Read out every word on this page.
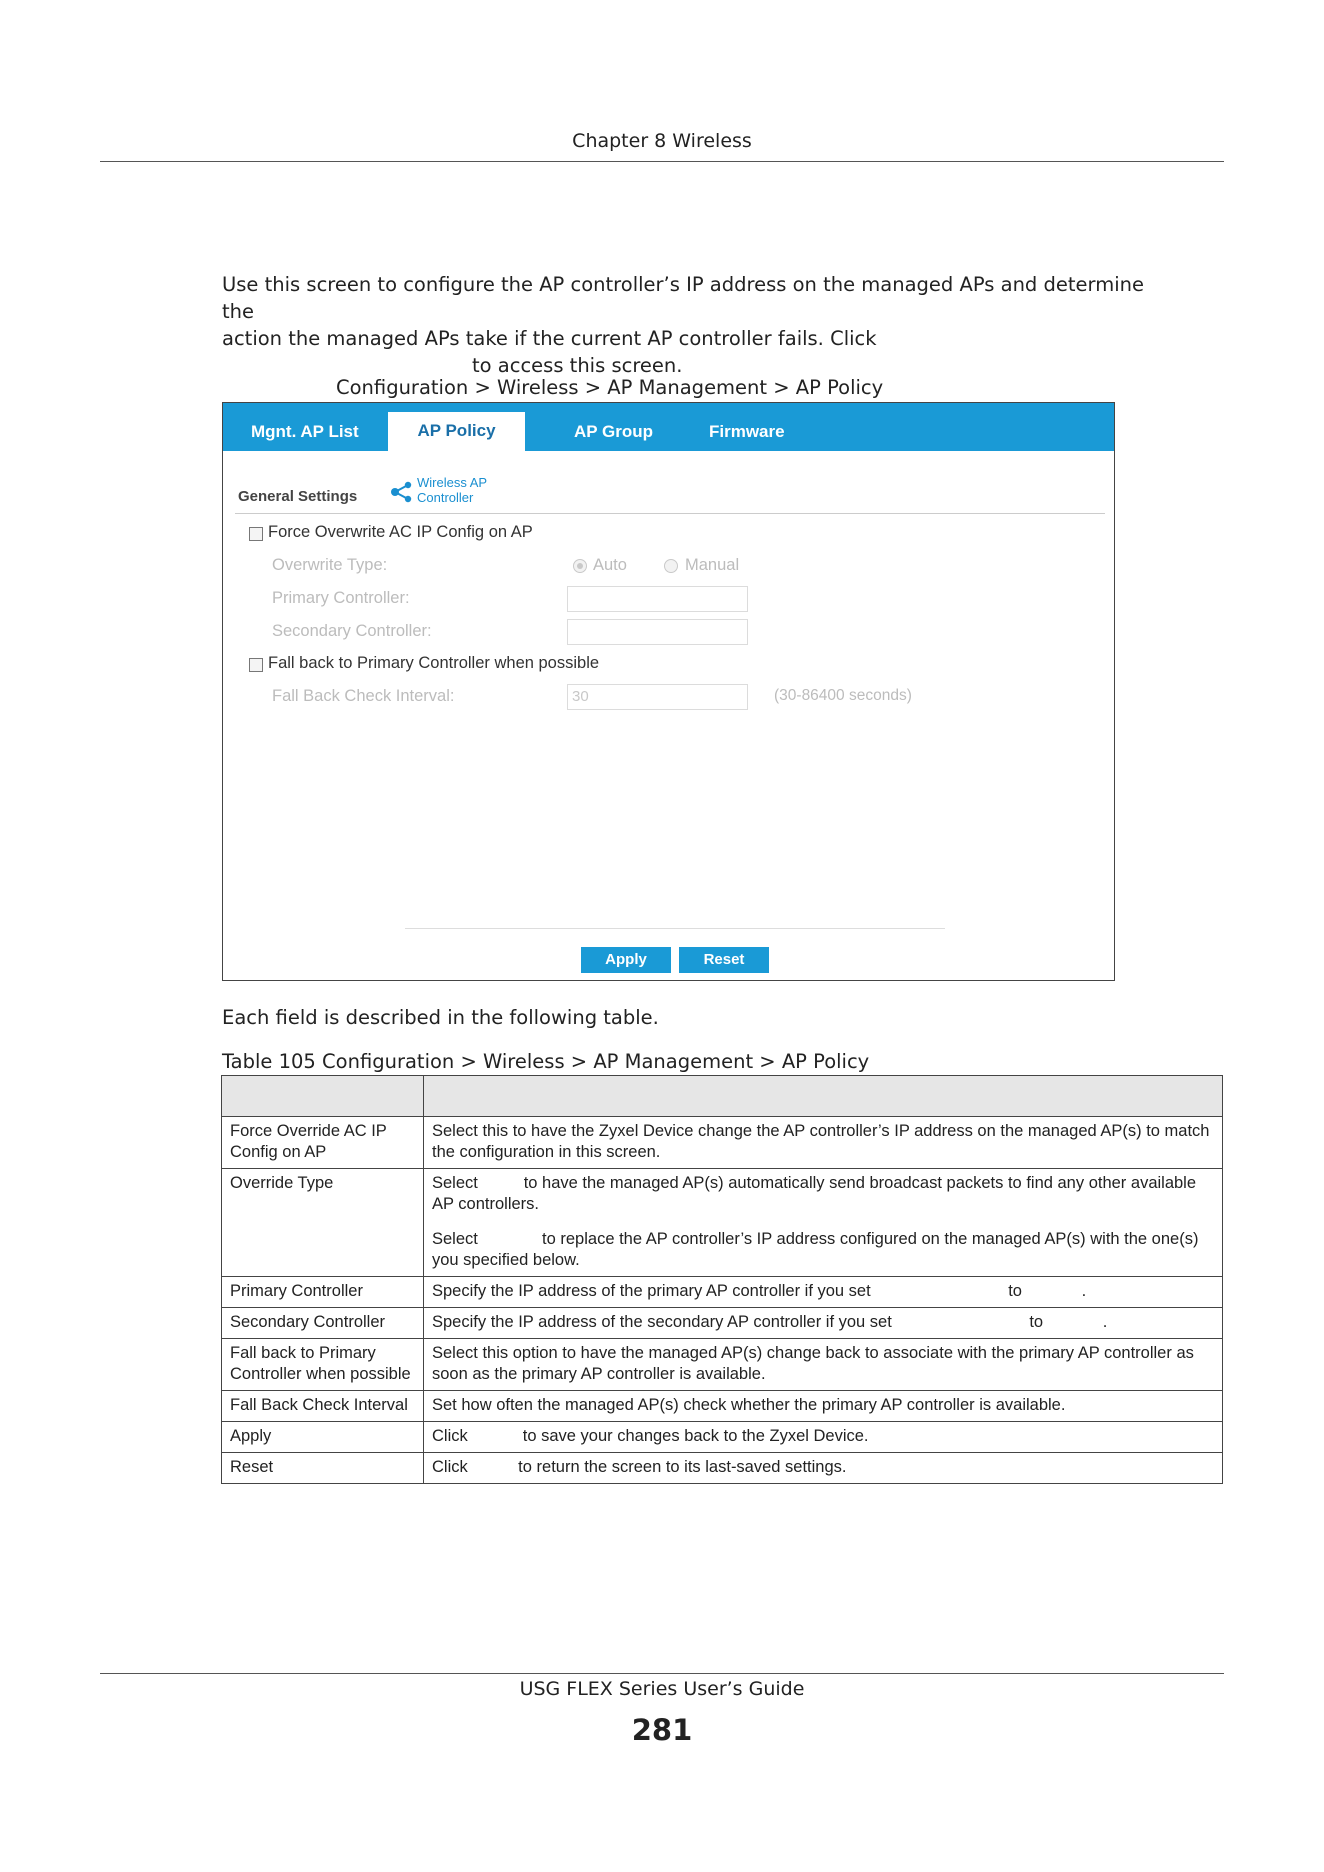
Chapter 8 Wireless

Use this screen to configure the AP controller’s IP address on the managed APs and determine the

action the managed APs take if the current AP controller fails. Click

to access this screen.

Configuration > Wireless > AP Management > AP Policy
Mgnt. AP List	AP Policy	AP Group	Firmware
General Settings
Wireless AP
Controller
Force Overwrite AC IP Config on AP
Overwrite Type:	Auto	Manual
Primary Controller:
Secondary Controller:
Fall back to Primary Controller when possible
Fall Back Check Interval:	30	(30-86400 seconds)
Apply	Reset
Each field is described in the following table.
Table 105 Configuration > Wireless > AP Management > AP Policy

Force Override AC IP Config on AP	Select this to have the Zyxel Device change the AP controller’s IP address on the managed AP(s) to match the configuration in this screen.

Override Type	Select          to have the managed AP(s) automatically send broadcast packets to find any other available AP controllers.

Select              to replace the AP controller’s IP address configured on the managed AP(s) with the one(s) you specified below.

Primary Controller	Specify the IP address of the primary AP controller if you set                              to             .

Secondary Controller	Specify the IP address of the secondary AP controller if you set                              to             .

Fall back to Primary Controller when possible	Select this option to have the managed AP(s) change back to associate with the primary AP controller as soon as the primary AP controller is available.

Fall Back Check Interval	Set how often the managed AP(s) check whether the primary AP controller is available.

Apply	Click            to save your changes back to the Zyxel Device.

Reset	Click           to return the screen to its last-saved settings.

USG FLEX Series User’s Guide
281
